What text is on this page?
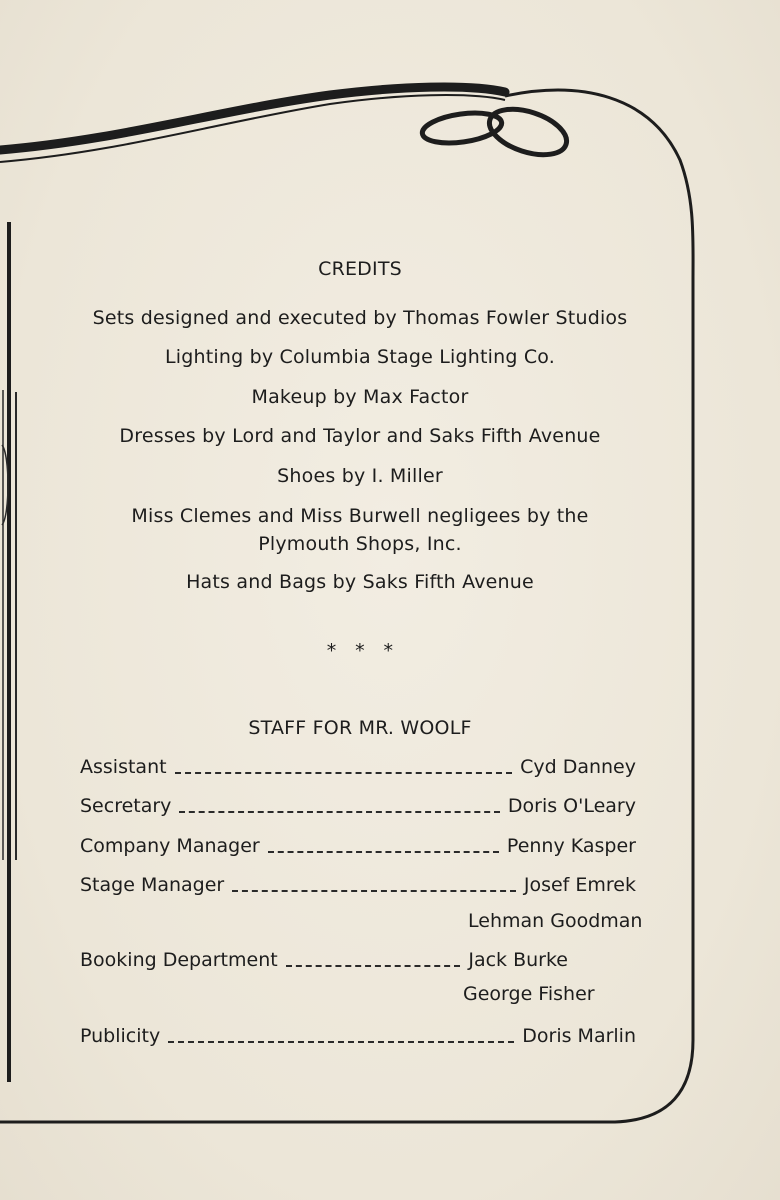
CREDITS
Sets designed and executed by Thomas Fowler Studios
Lighting by Columbia Stage Lighting Co.
Makeup by Max Factor
Dresses by Lord and Taylor and Saks Fifth Avenue
Shoes by I. Miller
Miss Clemes and Miss Burwell negligees by the
Plymouth Shops, Inc.
Hats and Bags by Saks Fifth Avenue
*   *   *
STAFF FOR MR. WOOLF
Assistant	Cyd Danney
Secretary	Doris O'Leary
Company Manager	Penny Kasper
Stage Manager	Josef Emrek
Lehman Goodman
Booking Department	Jack Burke
George Fisher
Publicity	Doris Marlin
